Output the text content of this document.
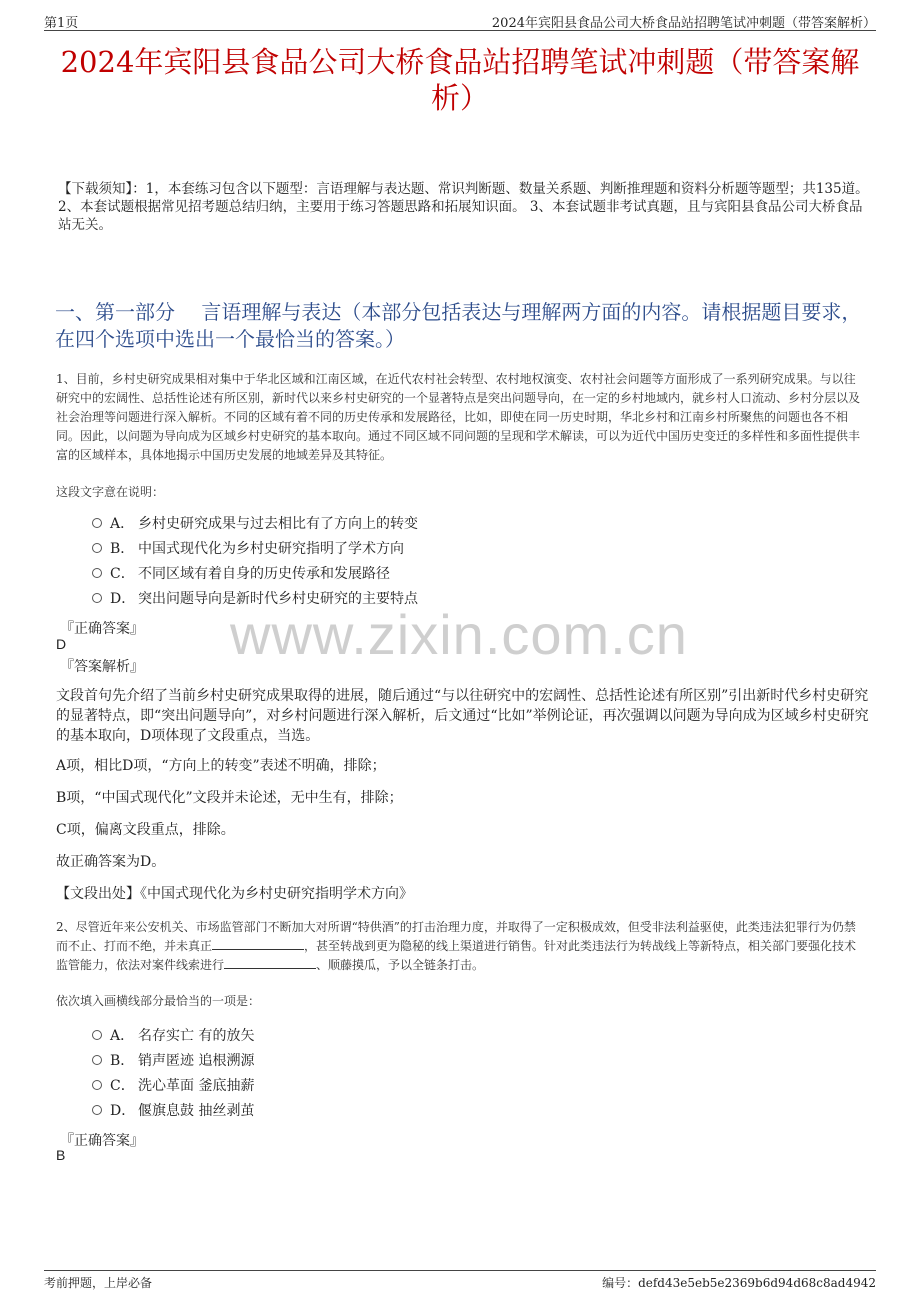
第1页	2024年宾阳县食品公司大桥食品站招聘笔试冲刺题（带答案解析）
2024年宾阳县食品公司大桥食品站招聘笔试冲刺题（带答案解析）
【下载须知】：1，本套练习包含以下题型：言语理解与表达题、常识判断题、数量关系题、判断推理题和资料分析题等题型；共135道。 2、本套试题根据常见招考题总结归纳，主要用于练习答题思路和拓展知识面。 3、本套试题非考试真题，且与宾阳县食品公司大桥食品站无关。
一、第一部分　 言语理解与表达（本部分包括表达与理解两方面的内容。请根据题目要求，在四个选项中选出一个最恰当的答案。）
1、目前，乡村史研究成果相对集中于华北区域和江南区域，在近代农村社会转型、农村地权演变、农村社会问题等方面形成了一系列研究成果。与以往研究中的宏阔性、总括性论述有所区别，新时代以来乡村史研究的一个显著特点是突出问题导向，在一定的乡村地域内，就乡村人口流动、乡村分层以及社会治理等问题进行深入解析。不同的区域有着不同的历史传承和发展路径，比如，即使在同一历史时期，华北乡村和江南乡村所聚焦的问题也各不相同。因此，以问题为导向成为区域乡村史研究的基本取向。通过不同区域不同问题的呈现和学术解读，可以为近代中国历史变迁的多样性和多面性提供丰富的区域样本，具体地揭示中国历史发展的地域差异及其特征。
这段文字意在说明：
A． 乡村史研究成果与过去相比有了方向上的转变
B． 中国式现代化为乡村史研究指明了学术方向
C． 不同区域有着自身的历史传承和发展路径
D． 突出问题导向是新时代乡村史研究的主要特点
『正确答案』
D
『答案解析』
文段首句先介绍了当前乡村史研究成果取得的进展，随后通过“与以往研究中的宏阔性、总括性论述有所区别”引出新时代乡村史研究的显著特点，即“突出问题导向”，对乡村问题进行深入解析，后文通过“比如”举例论证，再次强调以问题为导向成为区域乡村史研究的基本取向，D项体现了文段重点，当选。
A项，相比D项，“方向上的转变”表述不明确，排除；
B项，“中国式现代化”文段并未论述，无中生有，排除；
C项，偏离文段重点，排除。
故正确答案为D。
【文段出处】《中国式现代化为乡村史研究指明学术方向》
2、尽管近年来公安机关、市场监管部门不断加大对所谓“特供酒”的打击治理力度，并取得了一定积极成效，但受非法利益驱使，此类违法犯罪行为仍禁而不止、打而不绝，并未真正	，甚至转战到更为隐秘的线上渠道进行销售。针对此类违法行为转战线上等新特点，相关部门要强化技术监管能力，依法对案件线索进行	、顺藤摸瓜，予以全链条打击。
依次填入画横线部分最恰当的一项是：
A． 名存实亡 有的放矢
B． 销声匿迹 追根溯源
C． 洗心革面 釜底抽薪
D． 偃旗息鼓 抽丝剥茧
『正确答案』
B
www.zixin.com.cn
考前押题，上岸必备	编号：defd43e5eb5e2369b6d94d68c8ad4942
